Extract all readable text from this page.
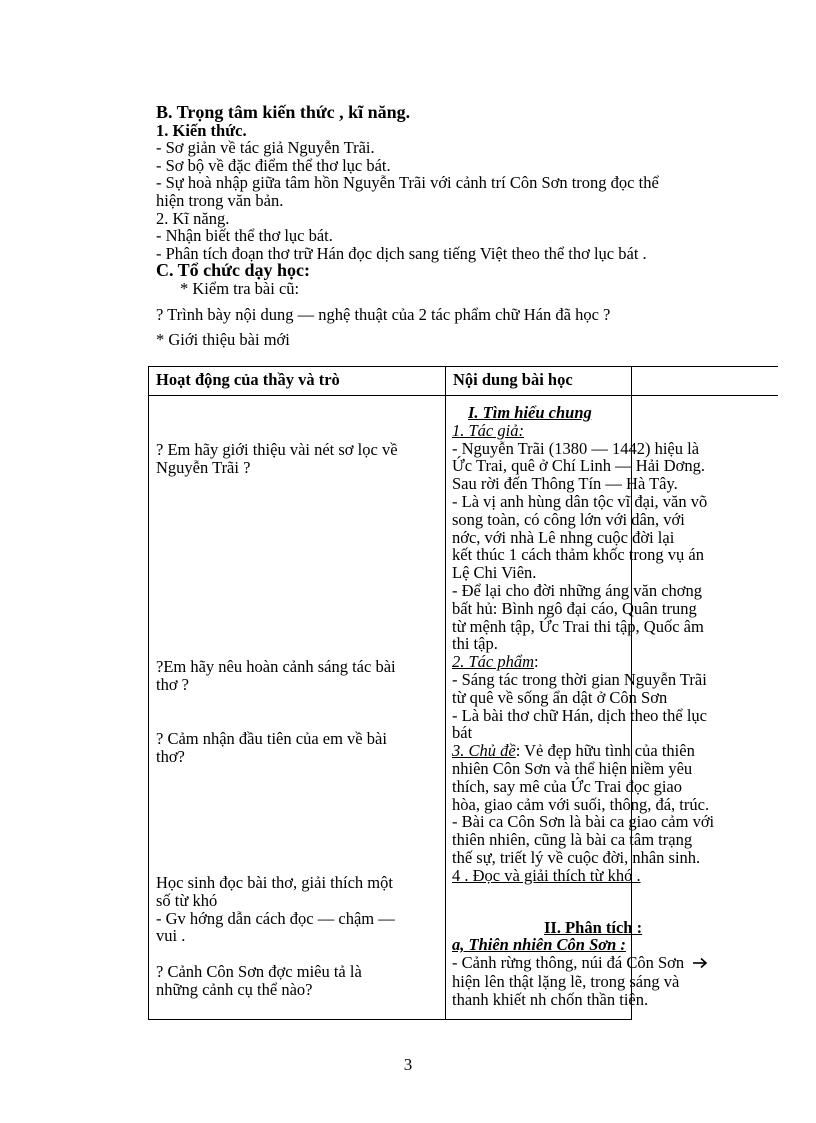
B. Trọng tâm kiến thức , kĩ năng.
1. Kiến thức.
- Sơ giản về tác giả Nguyễn Trãi.
- Sơ bộ về đặc điểm thể thơ lục bát.
- Sự hoà nhập giữa tâm hồn Nguyễn Trãi với cảnh trí Côn Sơn trong đọc thể
hiện trong văn bản.
2. Kĩ năng.
- Nhận biết thể thơ lục bát.
- Phân tích đoạn thơ trữ Hán đọc dịch sang tiếng Việt theo thể thơ lục bát .
C. Tổ chức dạy học:
* Kiểm tra bài cũ:
? Trình bày nội dung — nghệ thuật của 2 tác phẩm chữ Hán đã học ?
* Giới thiệu bài mới
Hoạt động của thầy và trò	Nội dung bài học
? Em hãy giới thiệu vài nét sơ lọc về
Nguyễn Trãi ?
?Em hãy nêu hoàn cảnh sáng tác bài
thơ ?
? Cảm nhận đầu tiên của em về bài
thơ?
Học sinh đọc bài thơ, giải thích một
số từ khó
- Gv hớng dẫn cách đọc — chậm —
vui .
? Cảnh Côn Sơn đợc miêu tả là
những cảnh cụ thể nào?
I. Tìm hiểu chung
1. Tác giả:
- Nguyễn Trãi (1380 — 1442) hiệu là
Ức Trai, quê ở Chí Linh — Hải Dơng.
Sau rời đến Thông Tín — Hà Tây.
- Là vị anh hùng dân tộc vĩ đại, văn võ
song toàn, có công lớn với dân, với
nớc, với nhà Lê nhng cuộc đời lại
kết thúc 1 cách thảm khốc trong vụ án
Lệ Chi Viên.
- Để lại cho đời những áng văn chơng
bất hủ: Bình ngô đại cáo, Quân trung
từ mệnh tập, Ức Trai thi tập, Quốc âm
thi tập.
2. Tác phẩm:
- Sáng tác trong thời gian Nguyễn Trãi
từ quê về sống ẩn dật ở Côn Sơn
- Là bài thơ chữ Hán, dịch theo thể lục
bát
3. Chủ đề: Vẻ đẹp hữu tình của thiên
nhiên Côn Sơn và thể hiện niềm yêu
thích, say mê của Ức Trai đọc giao
hòa, giao cảm với suối, thông, đá, trúc.
- Bài ca Côn Sơn là bài ca giao cảm với
thiên nhiên, cũng là bài ca tâm trạng
thế sự, triết lý về cuộc đời, nhân sinh.
4 . Đọc và giải thích từ khó .
II. Phân tích :
a, Thiên nhiên Côn Sơn :
- Cảnh rừng thông, núi đá Côn Sơn
hiện lên thật lặng lẽ, trong sáng và
thanh khiết nh chốn thần tiên.
3
